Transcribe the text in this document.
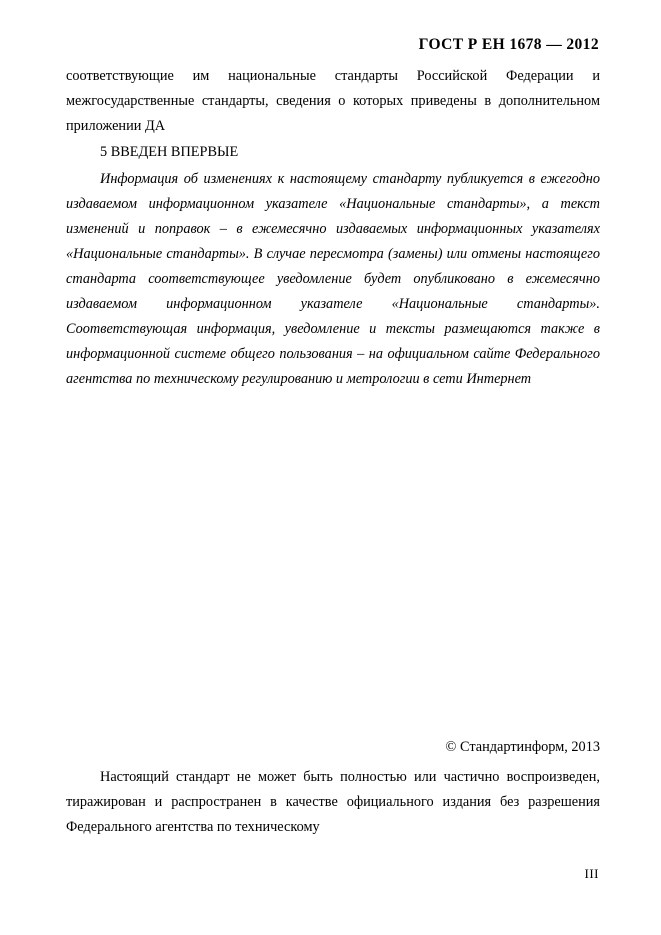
ГОСТ Р ЕН 1678 — 2012

соответствующие им национальные стандарты Российской Федерации и межгосударственные стандарты, сведения о которых приведены в дополнительном приложении ДА

5 ВВЕДЕН ВПЕРВЫЕ

Информация об изменениях к настоящему стандарту публикуется в ежегодно издаваемом информационном указателе «Национальные стандарты», а текст изменений и поправок – в ежемесячно издаваемых информационных указателях «Национальные стандарты». В случае пересмотра (замены) или отмены настоящего стандарта соответствующее уведомление будет опубликовано в ежемесячно издаваемом информационном указателе «Национальные стандарты». Соответствующая информация, уведомление и тексты размещаются также в информационной системе общего пользования – на официальном сайте Федерального агентства по техническому регулированию и метрологии в сети Интернет

© Стандартинформ, 2013

Настоящий стандарт не может быть полностью или частично воспроизведен, тиражирован и распространен в качестве официального издания без разрешения Федерального агентства по техническому

III
